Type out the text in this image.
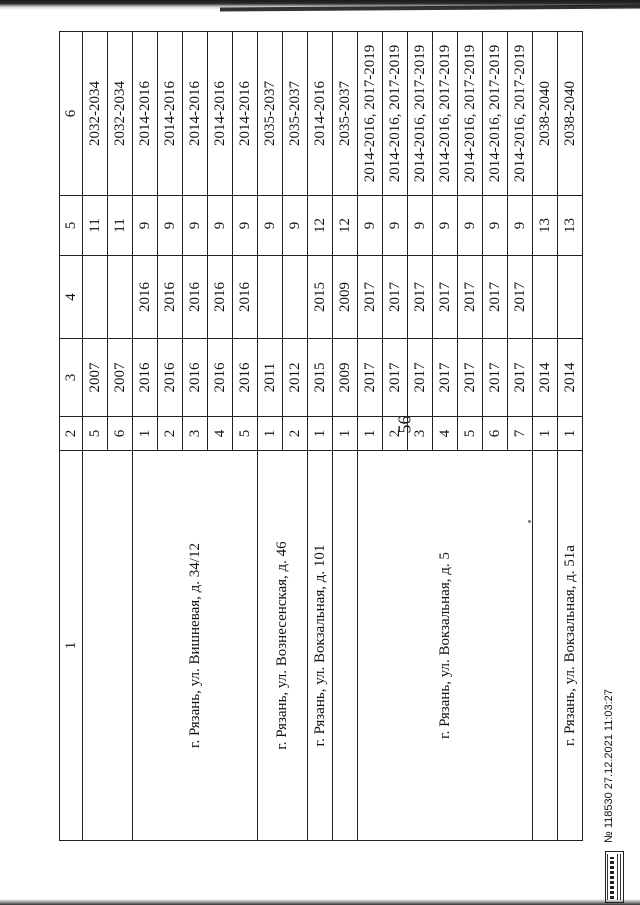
56
1	2	3	4	5	6
	5	2007		11	2032-2034
	6	2007		11	2032-2034
г. Рязань, ул. Вишневая, д. 34/12	1	2016	2016	9	2014-2016
	2	2016	2016	9	2014-2016
	3	2016	2016	9	2014-2016
	4	2016	2016	9	2014-2016
	5	2016	2016	9	2014-2016
г. Рязань, ул. Вознесенская, д. 46	1	2011		9	2035-2037
	2	2012		9	2035-2037
г. Рязань, ул. Вокзальная, д. 101	1	2015	2015	12	2014-2016
	1	2009	2009	12	2035-2037
г. Рязань, ул. Вокзальная, д. 5	1	2017	2017	9	2014-2016, 2017-2019
	2	2017	2017	9	2014-2016, 2017-2019
	3	2017	2017	9	2014-2016, 2017-2019
	4	2017	2017	9	2014-2016, 2017-2019
	5	2017	2017	9	2014-2016, 2017-2019
	6	2017	2017	9	2014-2016, 2017-2019
	7	2017	2017	9	2014-2016, 2017-2019
	1	2014		13	2038-2040
г. Рязань, ул. Вокзальная, д. 51а	1	2014		13	2038-2040
№ 118530 27.12.2021 11:03:27
